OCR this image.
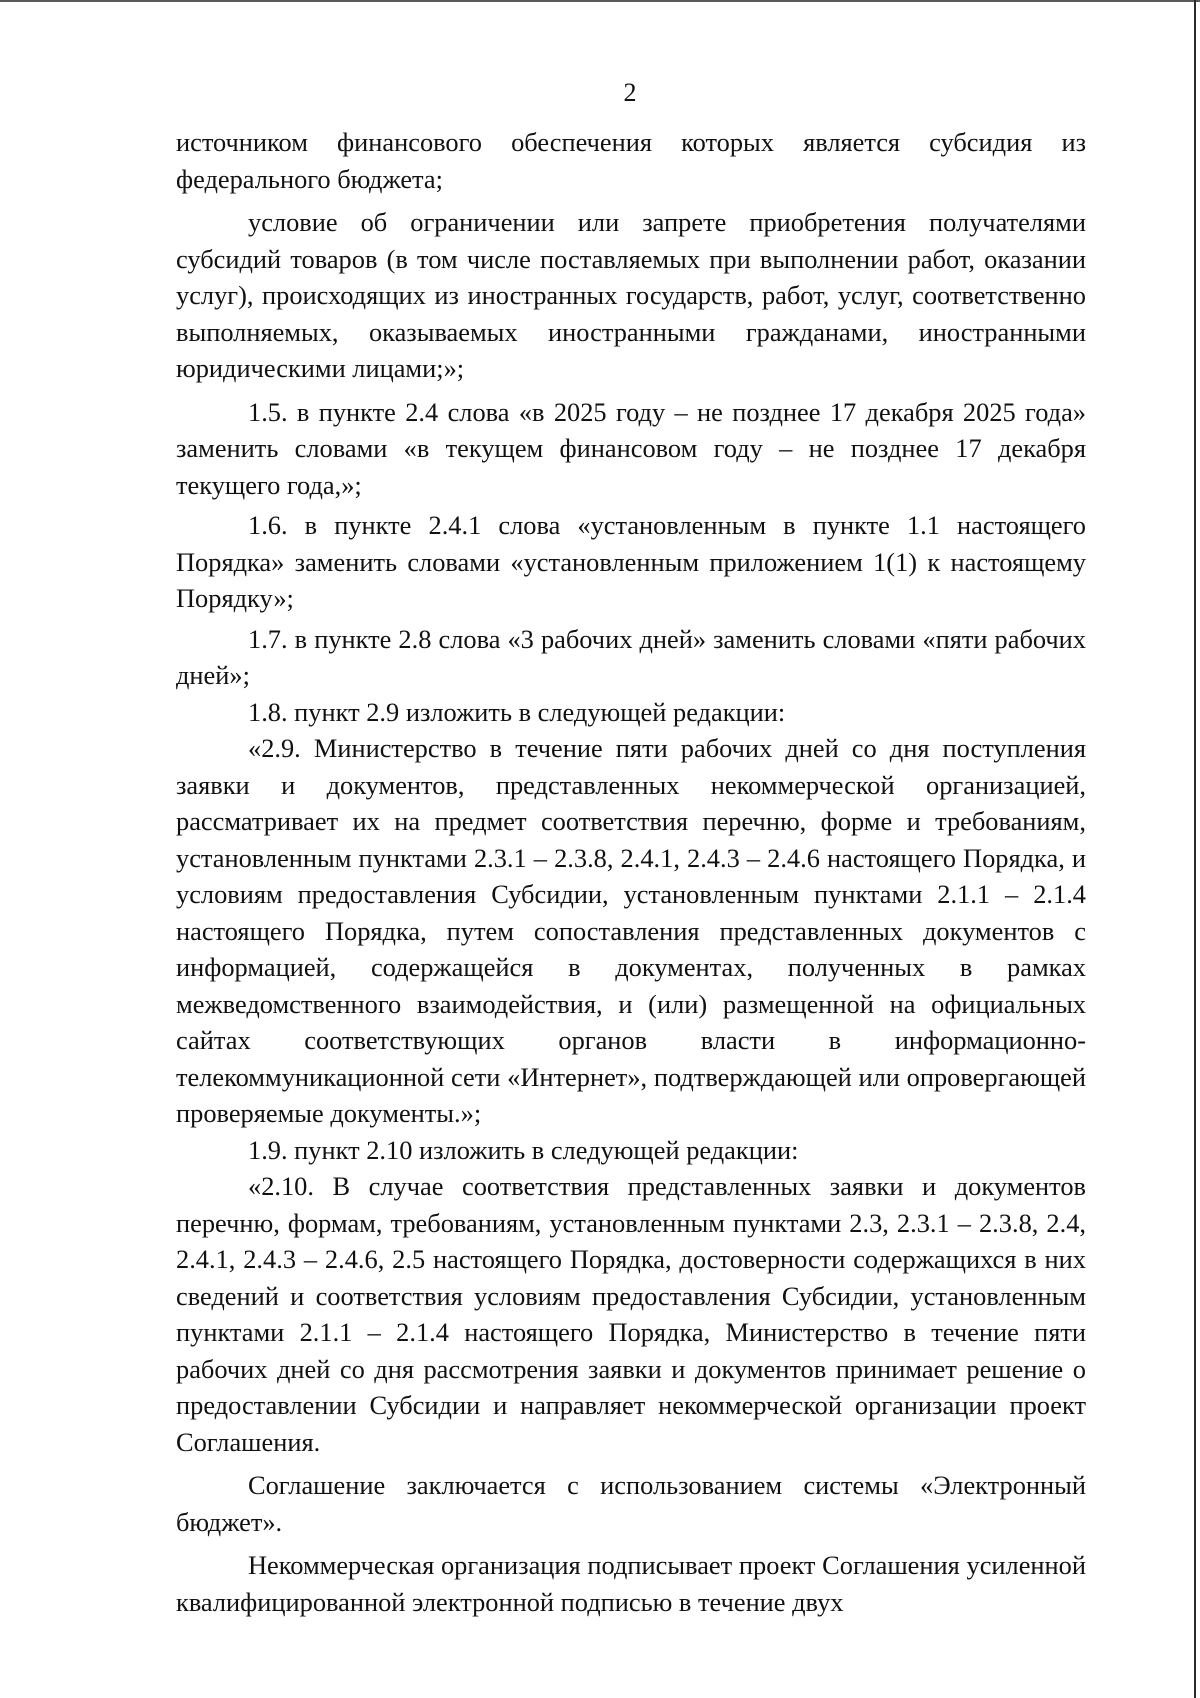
2

источником финансового обеспечения которых является субсидия из федерального бюджета;

условие об ограничении или запрете приобретения получателями субсидий товаров (в том числе поставляемых при выполнении работ, оказании услуг), происходящих из иностранных государств, работ, услуг, соответственно выполняемых, оказываемых иностранными гражданами, иностранными юридическими лицами;»;

1.5. в пункте 2.4 слова «в 2025 году – не позднее 17 декабря 2025 года» заменить словами «в текущем финансовом году – не позднее 17 декабря текущего года,»;

1.6. в пункте 2.4.1 слова «установленным в пункте 1.1 настоящего Порядка» заменить словами «установленным приложением 1(1) к настоящему Порядку»;

1.7. в пункте 2.8 слова «3 рабочих дней» заменить словами «пяти рабочих дней»;

1.8. пункт 2.9 изложить в следующей редакции:

«2.9. Министерство в течение пяти рабочих дней со дня поступления заявки и документов, представленных некоммерческой организацией, рассматривает их на предмет соответствия перечню, форме и требованиям, установленным пунктами 2.3.1 – 2.3.8, 2.4.1, 2.4.3 – 2.4.6 настоящего Порядка, и условиям предоставления Субсидии, установленным пунктами 2.1.1 – 2.1.4 настоящего Порядка, путем сопоставления представленных документов с информацией, содержащейся в документах, полученных в рамках межведомственного взаимодействия, и (или) размещенной на официальных сайтах соответствующих органов власти в информационно-телекоммуникационной сети «Интернет», подтверждающей или опровергающей проверяемые документы.»;

1.9. пункт 2.10 изложить в следующей редакции:

«2.10. В случае соответствия представленных заявки и документов перечню, формам, требованиям, установленным пунктами 2.3, 2.3.1 – 2.3.8, 2.4, 2.4.1, 2.4.3 – 2.4.6, 2.5 настоящего Порядка, достоверности содержащихся в них сведений и соответствия условиям предоставления Субсидии, установленным пунктами 2.1.1 – 2.1.4 настоящего Порядка, Министерство в течение пяти рабочих дней со дня рассмотрения заявки и документов принимает решение о предоставлении Субсидии и направляет некоммерческой организации проект Соглашения.

Соглашение заключается с использованием системы «Электронный бюджет».

Некоммерческая организация подписывает проект Соглашения усиленной квалифицированной электронной подписью в течение двух
